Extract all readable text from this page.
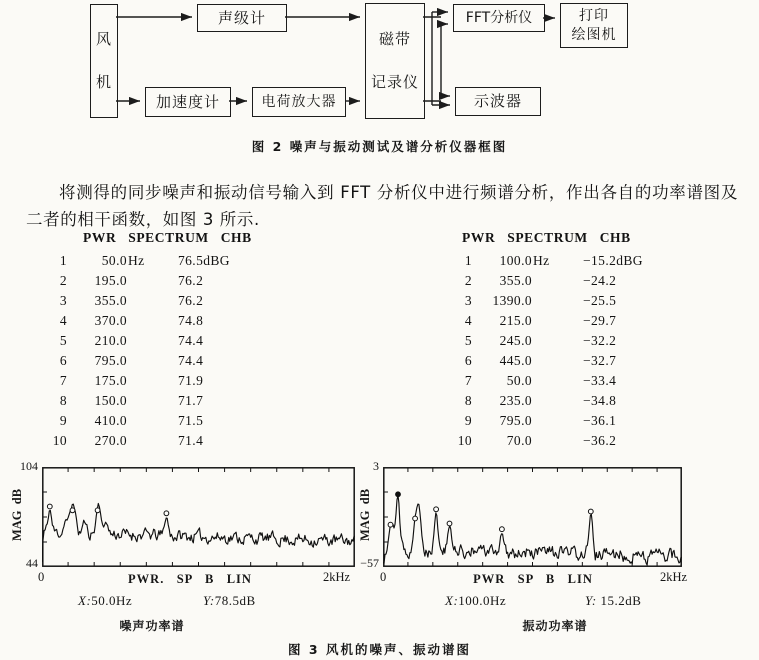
风
机
声级计
加速度计	电荷放大器
磁带
记录仪
FFT分析仪	打印
绘图机
示波器
图 2 噪声与振动测试及谱分析仪器框图

将测得的同步噪声和振动信号输入到 FFT 分析仪中进行频谱分析，作出各自的功率谱图及二者的相干函数，如图 3 所示.

PWR   SPECTRUM   CHB
1	50.0 Hz	76.5dBG
2	195.0	76.2
3	355.0	76.2
4	370.0	74.8
5	210.0	74.4
6	795.0	74.4
7	175.0	71.9
8	150.0	71.7
9	410.0	71.5
10	270.0	71.4
PWR   SPECTRUM   CHB
1	100.0 Hz	−15.2dBG
2	355.0	−24.2
3	1390.0	−25.5
4	215.0	−29.7
5	245.0	−32.2
6	445.0	−32.7
7	50.0	−33.4
8	235.0	−34.8
9	795.0	−36.1
10	70.0	−36.2
104
44
MAG  dB
0	PWR.   SP   B   LIN	2kHz
X:50.0Hz	Y:78.5dB
3
−57
MAG  dB
0	PWR   SP   B   LIN	2kHz
X:100.0Hz	Y: 15.2dB
噪声功率谱	振动功率谱
图 3 风机的噪声、振动谱图
